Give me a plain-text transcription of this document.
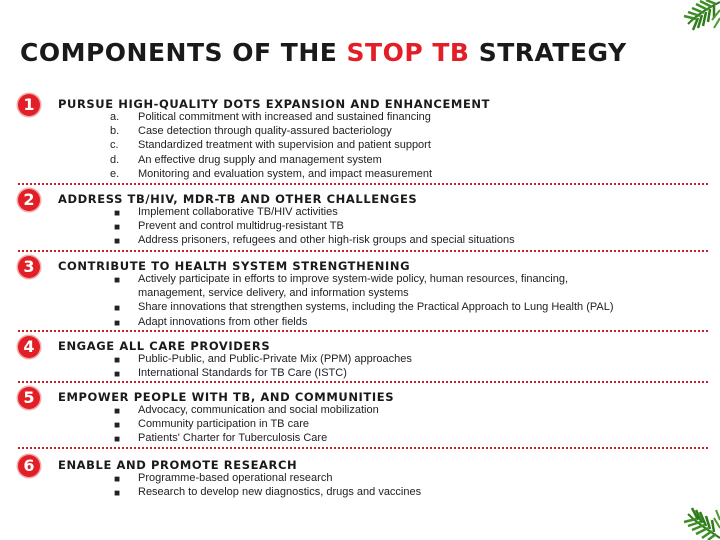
COMPONENTS OF THE STOP TB STRATEGY
1	PURSUE HIGH-QUALITY DOTS EXPANSION AND ENHANCEMENT
a. Political commitment with increased and sustained financing
b. Case detection through quality-assured bacteriology
c. Standardized treatment with supervision and patient support
d. An effective drug supply and management system
e. Monitoring and evaluation system, and impact measurement
2	ADDRESS TB/HIV, MDR-TB AND OTHER CHALLENGES
■ Implement collaborative TB/HIV activities
■ Prevent and control multidrug-resistant TB
■ Address prisoners, refugees and other high-risk groups and special situations
3	CONTRIBUTE TO HEALTH SYSTEM STRENGTHENING
■ Actively participate in efforts to improve system-wide policy, human resources, financing, management, service delivery, and information systems
■ Share innovations that strengthen systems, including the Practical Approach to Lung Health (PAL)
■ Adapt innovations from other fields
4	ENGAGE ALL CARE PROVIDERS
■ Public-Public, and Public-Private Mix (PPM) approaches
■ International Standards for TB Care (ISTC)
5	EMPOWER PEOPLE WITH TB, AND COMMUNITIES
■ Advocacy, communication and social mobilization
■ Community participation in TB care
■ Patients' Charter for Tuberculosis Care
6	ENABLE AND PROMOTE RESEARCH
■ Programme-based operational research
■ Research to develop new diagnostics, drugs and vaccines
